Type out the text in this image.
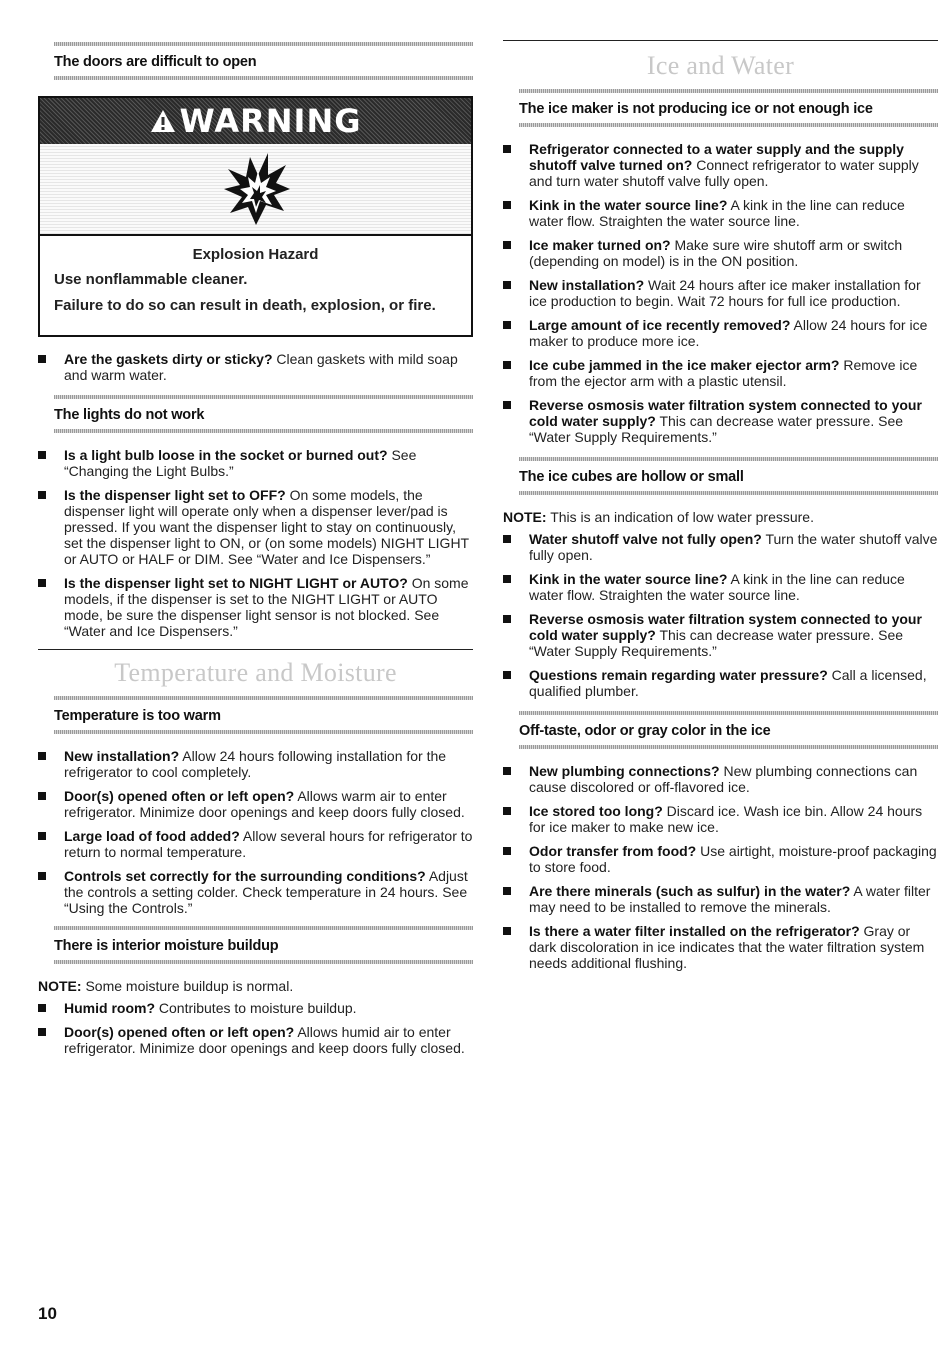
The doors are difficult to open
WARNING
Explosion Hazard

Use nonflammable cleaner.

Failure to do so can result in death, explosion, or fire.

Are the gaskets dirty or sticky? Clean gaskets with mild soap and warm water.
The lights do not work
Is a light bulb loose in the socket or burned out? See “Changing the Light Bulbs.”
Is the dispenser light set to OFF? On some models, the dispenser light will operate only when a dispenser lever/pad is pressed. If you want the dispenser light to stay on continuously, set the dispenser light to ON, or (on some models) NIGHT LIGHT or AUTO or HALF or DIM. See “Water and Ice Dispensers.”
Is the dispenser light set to NIGHT LIGHT or AUTO? On some models, if the dispenser is set to the NIGHT LIGHT or AUTO mode, be sure the dispenser light sensor is not blocked. See “Water and Ice Dispensers.”
Temperature and Moisture
Temperature is too warm
New installation? Allow 24 hours following installation for the refrigerator to cool completely.
Door(s) opened often or left open? Allows warm air to enter refrigerator. Minimize door openings and keep doors fully closed.
Large load of food added? Allow several hours for refrigerator to return to normal temperature.
Controls set correctly for the surrounding conditions? Adjust the controls a setting colder. Check temperature in 24 hours. See “Using the Controls.”
There is interior moisture buildup

NOTE: Some moisture buildup is normal.

Humid room? Contributes to moisture buildup.
Door(s) opened often or left open? Allows humid air to enter refrigerator. Minimize door openings and keep doors fully closed.
Ice and Water
The ice maker is not producing ice or not enough ice
Refrigerator connected to a water supply and the supply shutoff valve turned on? Connect refrigerator to water supply and turn water shutoff valve fully open.
Kink in the water source line? A kink in the line can reduce water flow. Straighten the water source line.
Ice maker turned on? Make sure wire shutoff arm or switch (depending on model) is in the ON position.
New installation? Wait 24 hours after ice maker installation for ice production to begin. Wait 72 hours for full ice production.
Large amount of ice recently removed? Allow 24 hours for ice maker to produce more ice.
Ice cube jammed in the ice maker ejector arm? Remove ice from the ejector arm with a plastic utensil.
Reverse osmosis water filtration system connected to your cold water supply? This can decrease water pressure. See “Water Supply Requirements.”
The ice cubes are hollow or small

NOTE: This is an indication of low water pressure.

Water shutoff valve not fully open? Turn the water shutoff valve fully open.
Kink in the water source line? A kink in the line can reduce water flow. Straighten the water source line.
Reverse osmosis water filtration system connected to your cold water supply? This can decrease water pressure. See “Water Supply Requirements.”
Questions remain regarding water pressure? Call a licensed, qualified plumber.
Off-taste, odor or gray color in the ice
New plumbing connections? New plumbing connections can cause discolored or off-flavored ice.
Ice stored too long? Discard ice. Wash ice bin. Allow 24 hours for ice maker to make new ice.
Odor transfer from food? Use airtight, moisture-proof packaging to store food.
Are there minerals (such as sulfur) in the water? A water filter may need to be installed to remove the minerals.
Is there a water filter installed on the refrigerator? Gray or dark discoloration in ice indicates that the water filtration system needs additional flushing.
10
